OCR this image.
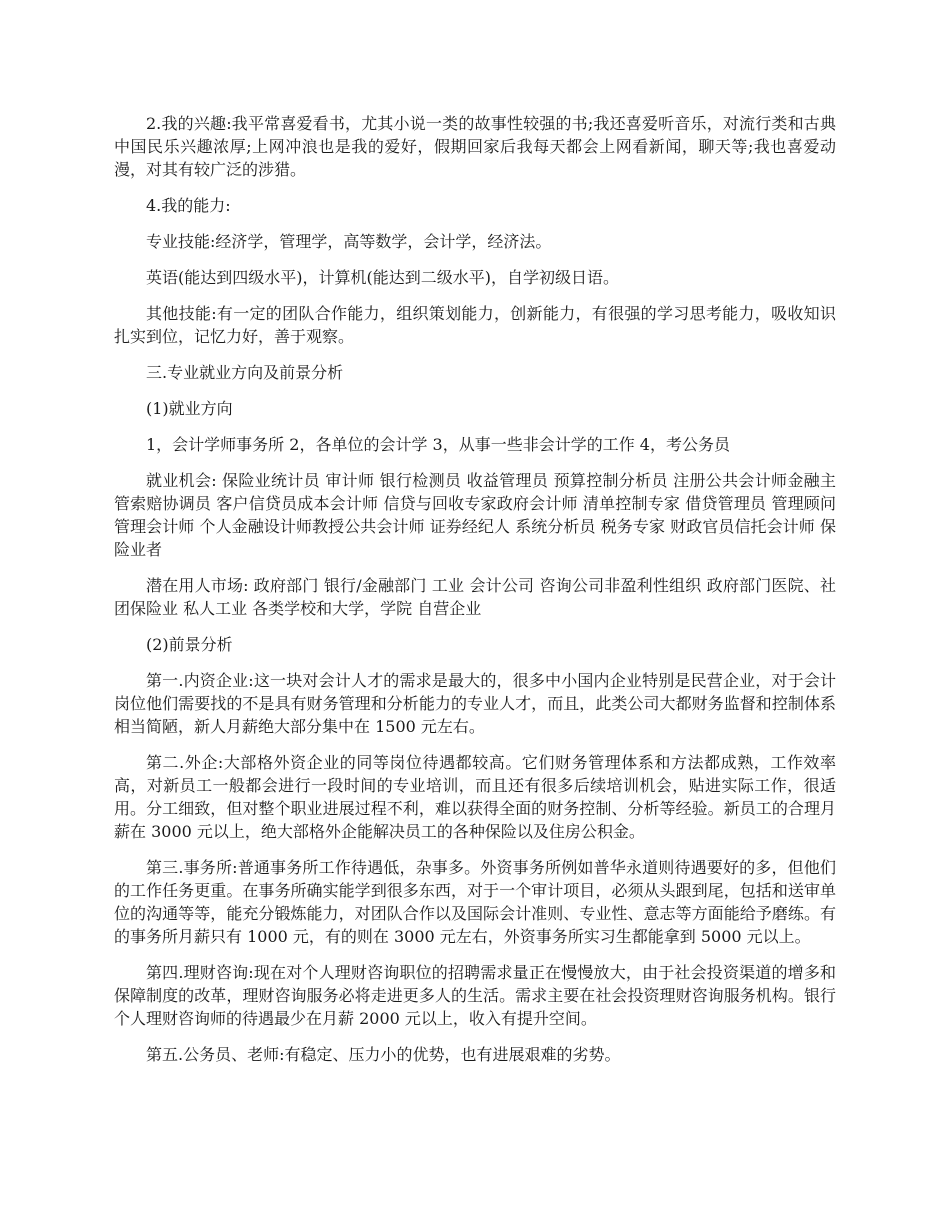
2.我的兴趣:我平常喜爱看书，尤其小说一类的故事性较强的书;我还喜爱听音乐，对流行类和古典中国民乐兴趣浓厚;上网冲浪也是我的爱好，假期回家后我每天都会上网看新闻，聊天等;我也喜爱动漫，对其有较广泛的涉猎。

4.我的能力:

专业技能:经济学，管理学，高等数学，会计学，经济法。

英语(能达到四级水平)，计算机(能达到二级水平)，自学初级日语。

其他技能:有一定的团队合作能力，组织策划能力，创新能力，有很强的学习思考能力，吸收知识扎实到位，记忆力好，善于观察。

三.专业就业方向及前景分析

(1)就业方向

1，会计学师事务所 2，各单位的会计学 3，从事一些非会计学的工作 4，考公务员

就业机会: 保险业统计员 审计师 银行检测员 收益管理员 预算控制分析员 注册公共会计师金融主管索赔协调员 客户信贷员成本会计师 信贷与回收专家政府会计师 清单控制专家 借贷管理员 管理顾问 管理会计师 个人金融设计师教授公共会计师 证券经纪人 系统分析员 税务专家 财政官员信托会计师 保险业者

潜在用人市场: 政府部门 银行/金融部门 工业 会计公司 咨询公司非盈利性组织 政府部门医院、社团保险业 私人工业 各类学校和大学，学院 自营企业

(2)前景分析

第一.内资企业:这一块对会计人才的需求是最大的，很多中小国内企业特别是民营企业，对于会计岗位他们需要找的不是具有财务管理和分析能力的专业人才，而且，此类公司大都财务监督和控制体系相当简陋，新人月薪绝大部分集中在 1500 元左右。

第二.外企:大部格外资企业的同等岗位待遇都较高。它们财务管理体系和方法都成熟，工作效率高，对新员工一般都会进行一段时间的专业培训，而且还有很多后续培训机会，贴进实际工作，很适用。分工细致，但对整个职业进展过程不利，难以获得全面的财务控制、分析等经验。新员工的合理月薪在 3000 元以上，绝大部格外企能解决员工的各种保险以及住房公积金。

第三.事务所:普通事务所工作待遇低，杂事多。外资事务所例如普华永道则待遇要好的多，但他们的工作任务更重。在事务所确实能学到很多东西，对于一个审计项目，必须从头跟到尾，包括和送审单位的沟通等等，能充分锻炼能力，对团队合作以及国际会计准则、专业性、意志等方面能给予磨练。有的事务所月薪只有 1000 元，有的则在 3000 元左右，外资事务所实习生都能拿到 5000 元以上。

第四.理财咨询:现在对个人理财咨询职位的招聘需求量正在慢慢放大，由于社会投资渠道的增多和保障制度的改革，理财咨询服务必将走进更多人的生活。需求主要在社会投资理财咨询服务机构。银行个人理财咨询师的待遇最少在月薪 2000 元以上，收入有提升空间。

第五.公务员、老师:有稳定、压力小的优势，也有进展艰难的劣势。
